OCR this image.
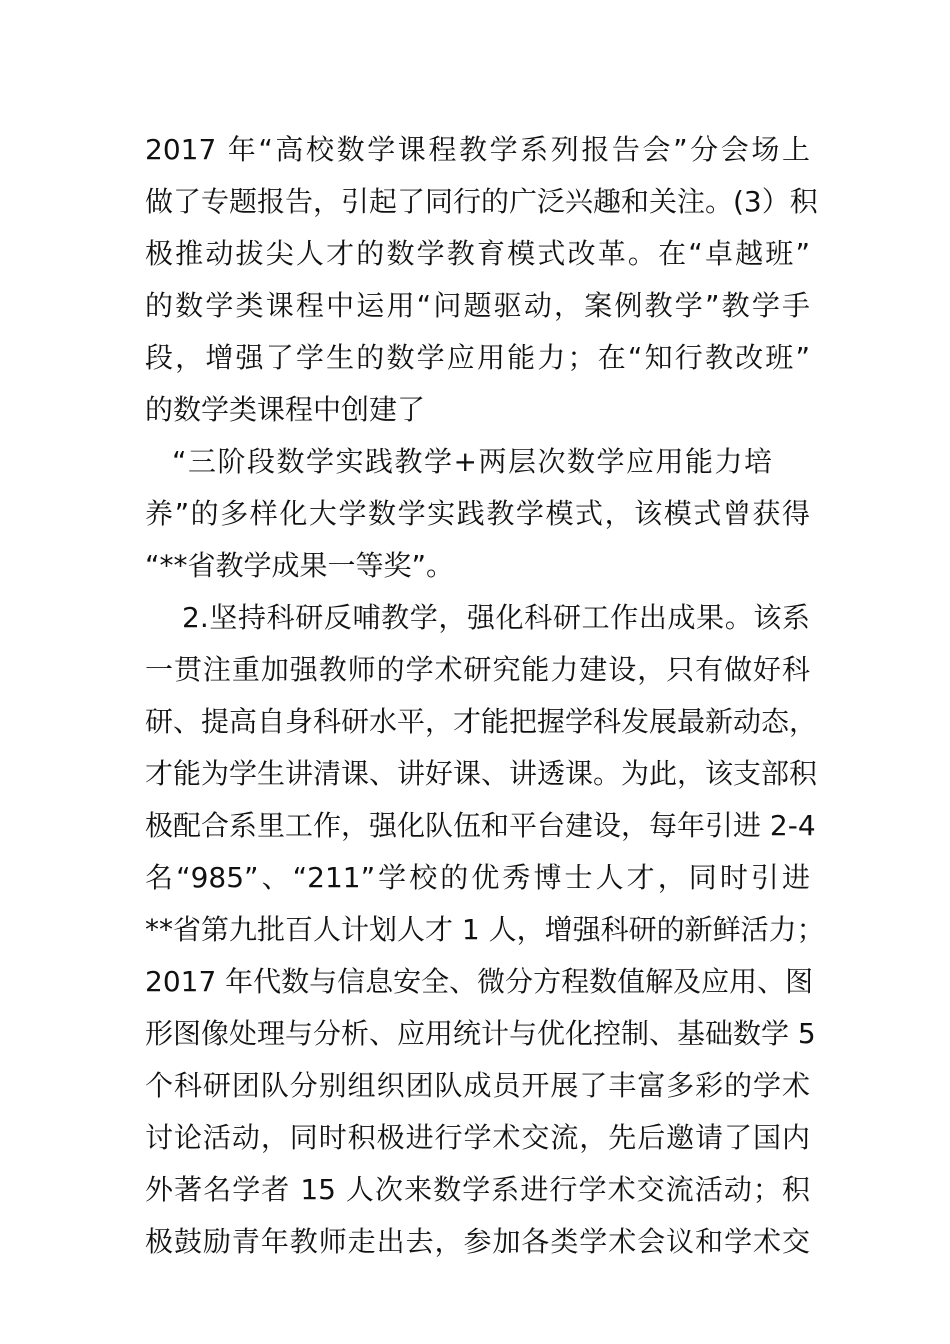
2017 年“高校数学课程教学系列报告会”分会场上
做了专题报告，引起了同行的广泛兴趣和关注。(3）积
极推动拔尖人才的数学教育模式改革。在“卓越班”
的数学类课程中运用“问题驱动，案例教学”教学手
段，增强了学生的数学应用能力；在“知行教改班”
的数学类课程中创建了
“三阶段数学实践教学+两层次数学应用能力培
养”的多样化大学数学实践教学模式，该模式曾获得
“**省教学成果一等奖”。
2.坚持科研反哺教学，强化科研工作出成果。该系
一贯注重加强教师的学术研究能力建设，只有做好科
研、提高自身科研水平，才能把握学科发展最新动态，
才能为学生讲清课、讲好课、讲透课。为此，该支部积
极配合系里工作，强化队伍和平台建设，每年引进 2-4
名“985”、“211”学校的优秀博士人才，同时引进
**省第九批百人计划人才 1 人，增强科研的新鲜活力；
2017 年代数与信息安全、微分方程数值解及应用、图
形图像处理与分析、应用统计与优化控制、基础数学 5
个科研团队分别组织团队成员开展了丰富多彩的学术
讨论活动，同时积极进行学术交流，先后邀请了国内
外著名学者 15 人次来数学系进行学术交流活动；积
极鼓励青年教师走出去，参加各类学术会议和学术交
